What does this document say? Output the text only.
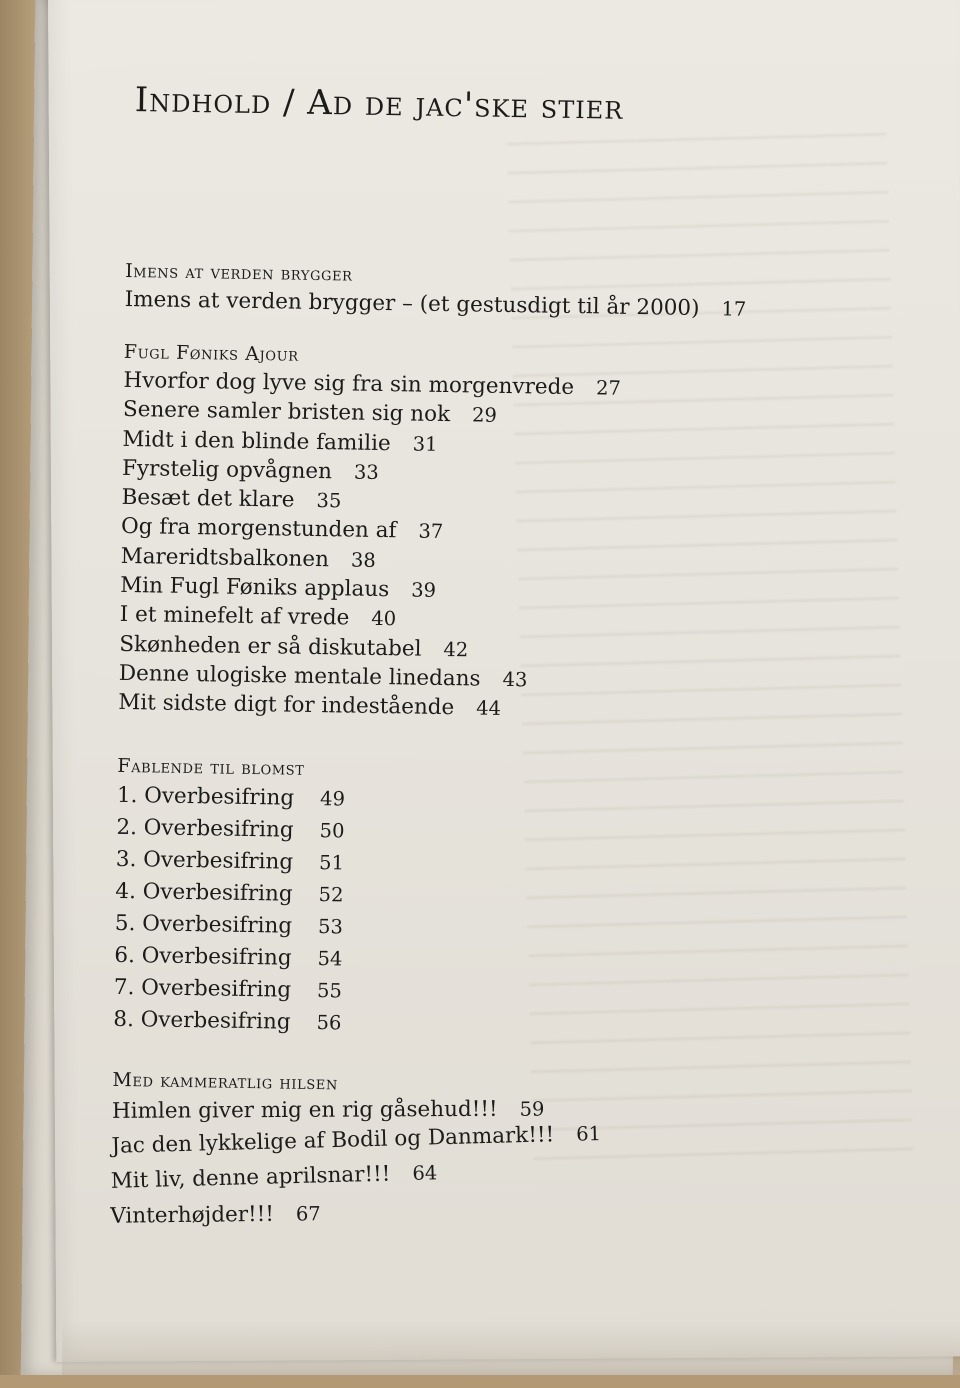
Indhold / Ad de jac'ske stier
Imens at verden brygger
Imens at verden brygger – (et gestusdigt til år 2000) 17
Fugl Føniks Ajour
Hvorfor dog lyve sig fra sin morgenvrede 27
Senere samler bristen sig nok 29
Midt i den blinde familie 31
Fyrstelig opvågnen 33
Besæt det klare 35
Og fra morgenstunden af 37
Mareridtsbalkonen 38
Min Fugl Føniks applaus 39
I et minefelt af vrede 40
Skønheden er så diskutabel 42
Denne ulogiske mentale linedans 43
Mit sidste digt for indestående 44
Fablende til blomst
1. Overbesifring 49
2. Overbesifring 50
3. Overbesifring 51
4. Overbesifring 52
5. Overbesifring 53
6. Overbesifring 54
7. Overbesifring 55
8. Overbesifring 56
Med kammeratlig hilsen
Himlen giver mig en rig gåsehud!!! 59
Jac den lykkelige af Bodil og Danmark!!! 61
Mit liv, denne aprilsnar!!! 64
Vinterhøjder!!! 67
